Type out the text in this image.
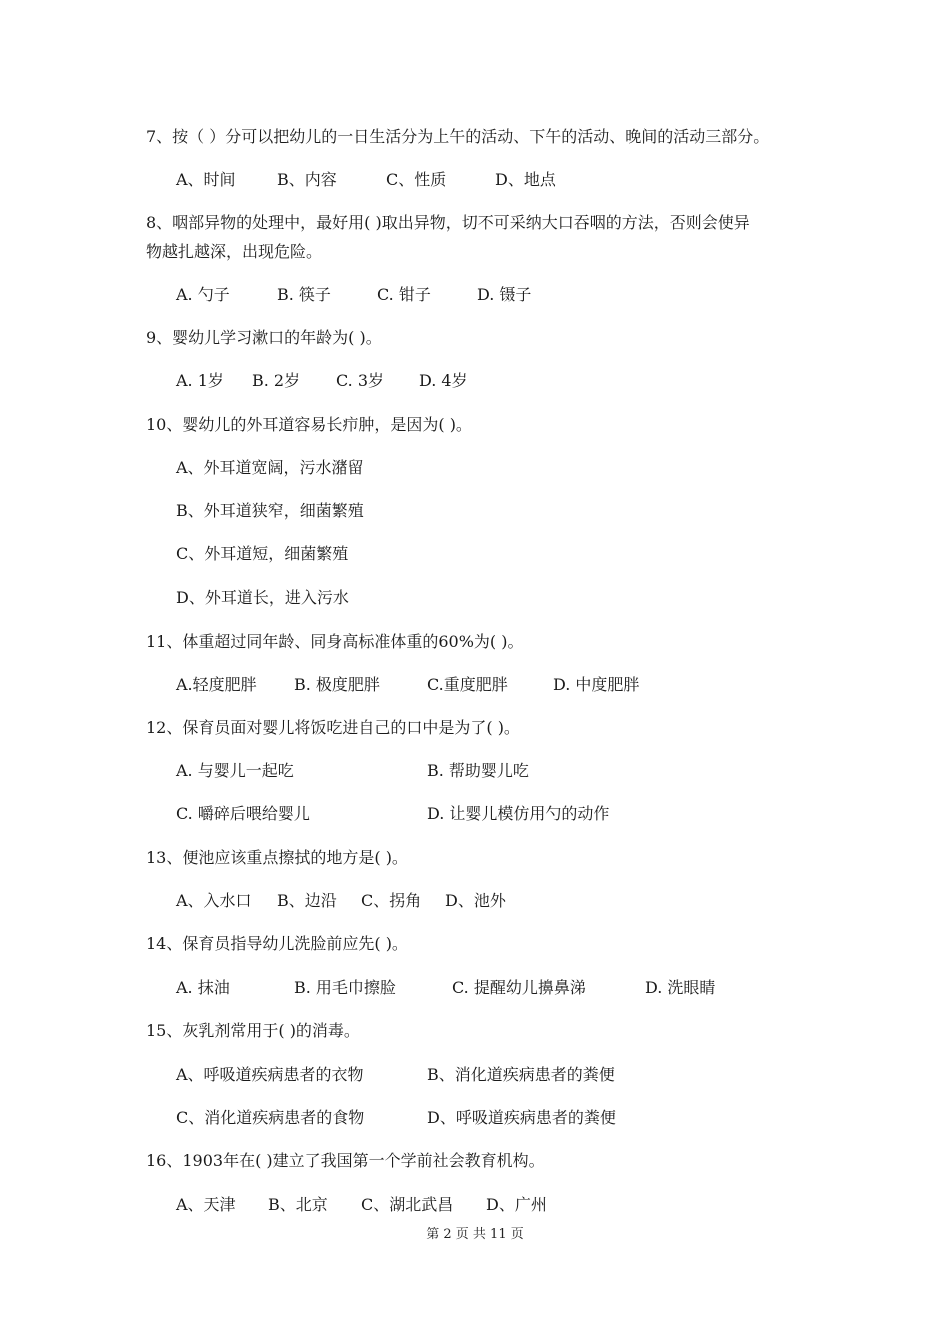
7、按（ ）分可以把幼儿的一日生活分为上午的活动、下午的活动、晚间的活动三部分。
A、时间	B、内容	C、性质	D、地点
8、咽部异物的处理中，最好用( )取出异物，切不可采纳大口吞咽的方法，否则会使异
物越扎越深，出现危险。
A. 勺子	B. 筷子	C. 钳子	D. 镊子
9、婴幼儿学习漱口的年龄为( )。
A. 1岁 B. 2岁 C. 3岁 D. 4岁
10、婴幼儿的外耳道容易长疖肿，是因为( )。
A、外耳道宽阔，污水潴留
B、外耳道狭窄，细菌繁殖
C、外耳道短，细菌繁殖
D、外耳道长，进入污水
11、体重超过同年龄、同身高标准体重的60%为( )。
A.轻度肥胖 B. 极度肥胖	C.重度肥胖	D. 中度肥胖
12、保育员面对婴儿将饭吃进自己的口中是为了( )。
A. 与婴儿一起吃	B. 帮助婴儿吃
C. 嚼碎后喂给婴儿	D. 让婴儿模仿用勺的动作
13、便池应该重点擦拭的地方是( )。
A、入水口 B、边沿 C、拐角 D、池外
14、保育员指导幼儿洗脸前应先( )。
A. 抹油	B. 用毛巾擦脸	C. 提醒幼儿擤鼻涕	D. 洗眼睛
15、灰乳剂常用于( )的消毒。
A、呼吸道疾病患者的衣物	B、消化道疾病患者的粪便
C、消化道疾病患者的食物	D、呼吸道疾病患者的粪便
16、1903年在( )建立了我国第一个学前社会教育机构。
A、天津 B、北京 C、湖北武昌 D、广州
第 2 页 共 11 页
